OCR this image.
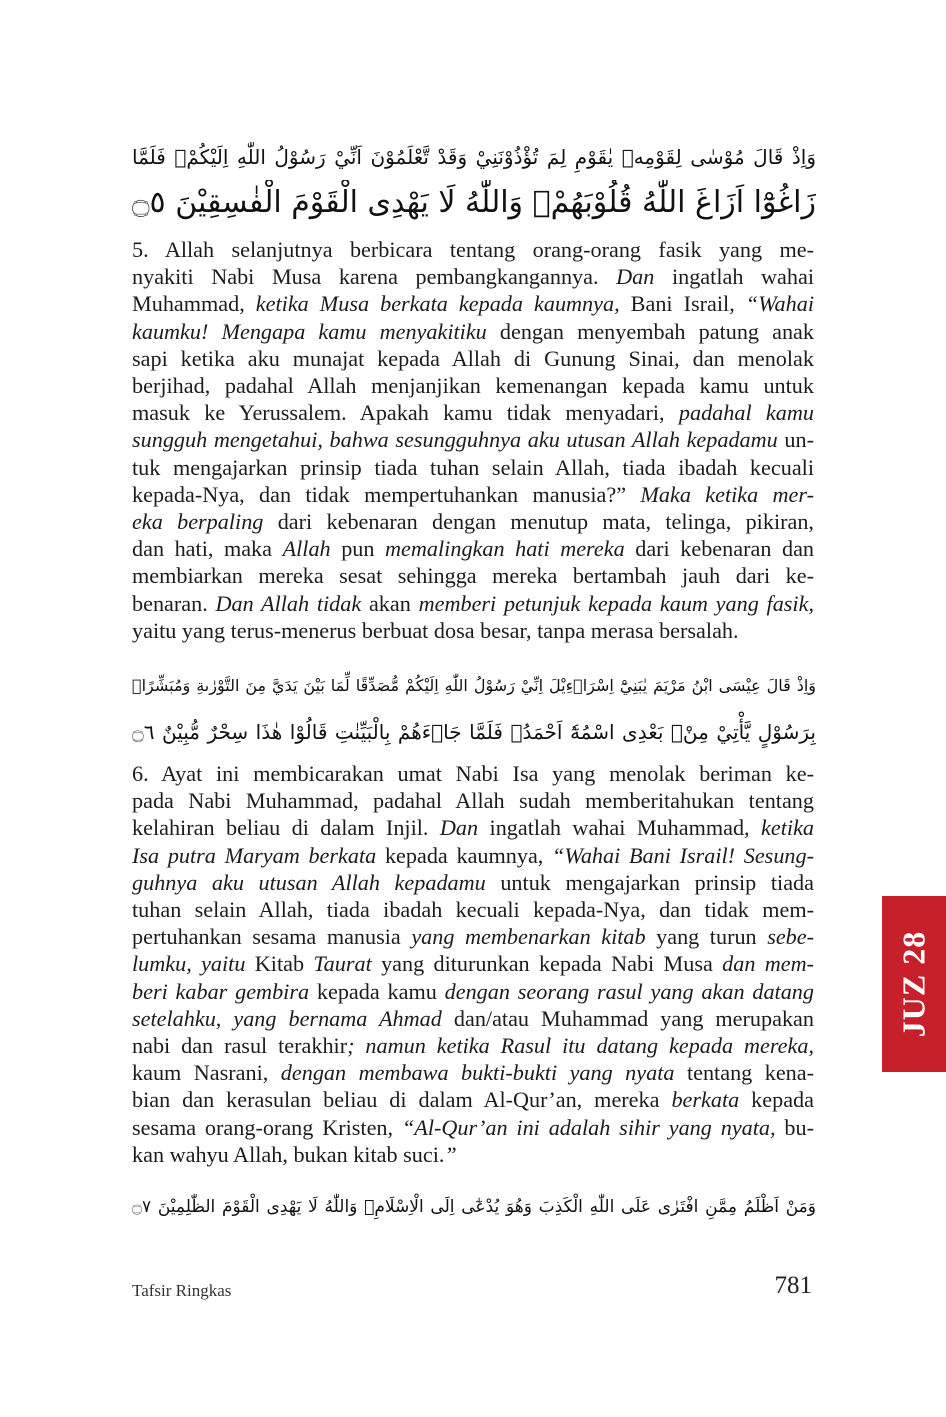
وَاِذْ قَالَ مُوْسٰى لِقَوْمِهٖ يٰقَوْمِ لِمَ تُؤْذُوْنَنِيْ وَقَدْ تَّعْلَمُوْنَ اَنِّيْ رَسُوْلُ اللّٰهِ اِلَيْكُمْۗ فَلَمَّا
زَاغُوْٓا اَزَاغَ اللّٰهُ قُلُوْبَهُمْۗ وَاللّٰهُ لَا يَهْدِى الْقَوْمَ الْفٰسِقِيْنَ ۝٥
5. Allah selanjutnya berbicara tentang orang-orang fasik yang me-
nyakiti Nabi Musa karena pembangkangannya. Dan ingatlah wahai
Muhammad, ketika Musa berkata kepada kaumnya, Bani Israil, “Wahai
kaumku! Mengapa kamu menyakitiku dengan menyembah patung anak
sapi ketika aku munajat kepada Allah di Gunung Sinai, dan menolak
berjihad, padahal Allah menjanjikan kemenangan kepada kamu untuk
masuk ke Yerussalem. Apakah kamu tidak menyadari, padahal kamu
sungguh mengetahui, bahwa sesungguhnya aku utusan Allah kepadamu un-
tuk mengajarkan prinsip tiada tuhan selain Allah, tiada ibadah kecuali
kepada-Nya, dan tidak mempertuhankan manusia?” Maka ketika mer-
eka berpaling dari kebenaran dengan menutup mata, telinga, pikiran,
dan hati, maka Allah pun memalingkan hati mereka dari kebenaran dan
membiarkan mereka sesat sehingga mereka bertambah jauh dari ke-
benaran. Dan Allah tidak akan memberi petunjuk kepada kaum yang fasik,
yaitu yang terus-menerus berbuat dosa besar, tanpa merasa bersalah.
وَاِذْ قَالَ عِيْسَى ابْنُ مَرْيَمَ يٰبَنِيْٓ اِسْرَاۤءِيْلَ اِنِّيْ رَسُوْلُ اللّٰهِ اِلَيْكُمْ مُّصَدِّقًا لِّمَا بَيْنَ يَدَيَّ مِنَ التَّوْرٰىةِ وَمُبَشِّرًاۢ
بِرَسُوْلٍ يَّأْتِيْ مِنْۢ بَعْدِى اسْمُهٗٓ اَحْمَدُۗ فَلَمَّا جَاۤءَهُمْ بِالْبَيِّنٰتِ قَالُوْا هٰذَا سِحْرٌ مُّبِيْنٌ ۝٦
6. Ayat ini membicarakan umat Nabi Isa yang menolak beriman ke-
pada Nabi Muhammad, padahal Allah sudah memberitahukan tentang
kelahiran beliau di dalam Injil. Dan ingatlah wahai Muhammad, ketika
Isa putra Maryam berkata kepada kaumnya, “Wahai Bani Israil! Sesung-
guhnya aku utusan Allah kepadamu untuk mengajarkan prinsip tiada
tuhan selain Allah, tiada ibadah kecuali kepada-Nya, dan tidak mem-
pertuhankan sesama manusia yang membenarkan kitab yang turun sebe-
lumku, yaitu Kitab Taurat yang diturunkan kepada Nabi Musa dan mem-
beri kabar gembira kepada kamu dengan seorang rasul yang akan datang
setelahku, yang bernama Ahmad dan/atau Muhammad yang merupakan
nabi dan rasul terakhir; namun ketika Rasul itu datang kepada mereka,
kaum Nasrani, dengan membawa bukti-bukti yang nyata tentang kena-
bian dan kerasulan beliau di dalam Al-Qur’an, mereka berkata kepada
sesama orang-orang Kristen, “Al-Qur’an ini adalah sihir yang nyata, bu-
kan wahyu Allah, bukan kitab suci.”
وَمَنْ اَظْلَمُ مِمَّنِ افْتَرٰى عَلَى اللّٰهِ الْكَذِبَ وَهُوَ يُدْعٰٓى اِلَى الْاِسْلَامِۗ وَاللّٰهُ لَا يَهْدِى الْقَوْمَ الظّٰلِمِيْنَ ۝٧
JUZ 28
Tafsir Ringkas	781
